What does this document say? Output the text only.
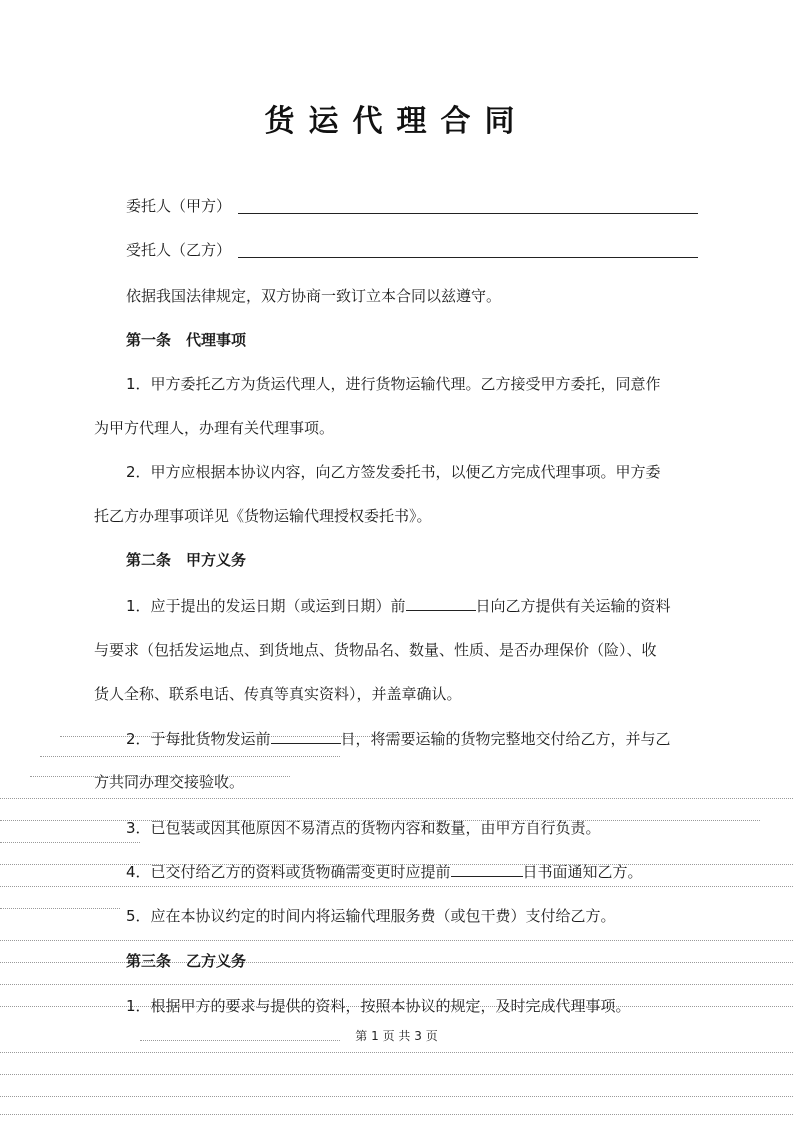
货运代理合同
委托人（甲方）
受托人（乙方）
依据我国法律规定，双方协商一致订立本合同以兹遵守。
第一条　代理事项
1．甲方委托乙方为货运代理人，进行货物运输代理。乙方接受甲方委托，同意作
为甲方代理人，办理有关代理事项。
2．甲方应根据本协议内容，向乙方签发委托书，以便乙方完成代理事项。甲方委
托乙方办理事项详见《货物运输代理授权委托书》。
第二条　甲方义务
1．应于提出的发运日期（或运到日期）前	日向乙方提供有关运输的资料
与要求（包括发运地点、到货地点、货物品名、数量、性质、是否办理保价（险）、收
货人全称、联系电话、传真等真实资料），并盖章确认。
2．于每批货物发运前	日，将需要运输的货物完整地交付给乙方，并与乙
方共同办理交接验收。
3．已包装或因其他原因不易清点的货物内容和数量，由甲方自行负责。
4．已交付给乙方的资料或货物确需变更时应提前	日书面通知乙方。
5．应在本协议约定的时间内将运输代理服务费（或包干费）支付给乙方。
第三条　乙方义务
1．根据甲方的要求与提供的资料，按照本协议的规定，及时完成代理事项。
第 1 页 共 3 页
